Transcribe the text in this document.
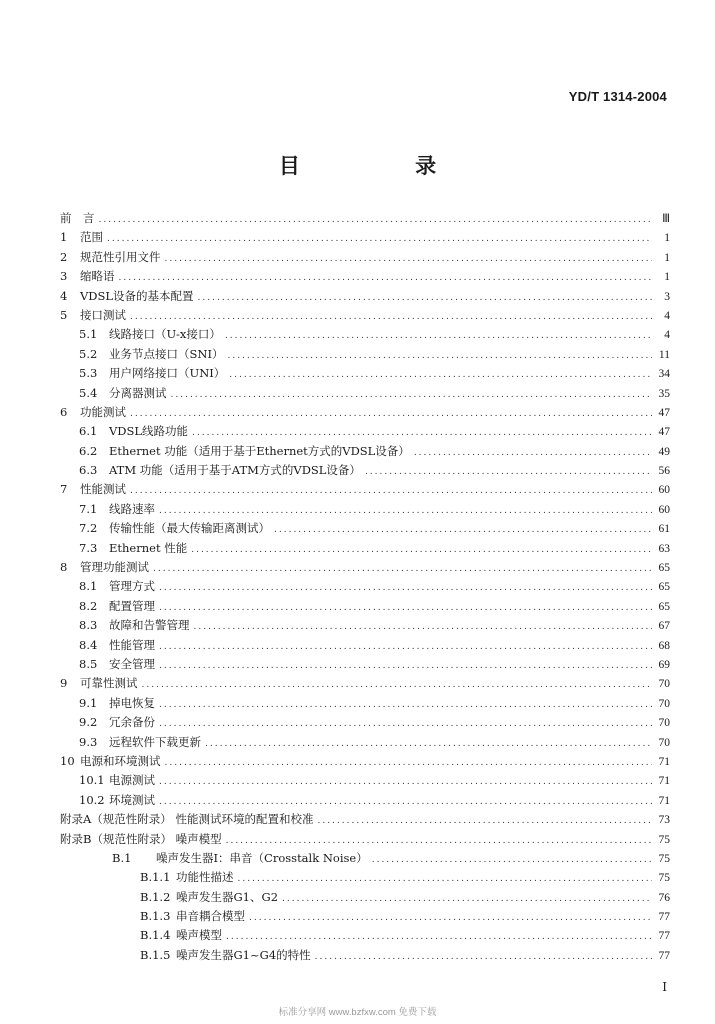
YD/T 1314-2004
目 录
前　言 .....	Ⅲ
1	范围 .....	1
2	规范性引用文件 .....	1
3	缩略语 .....	1
4	VDSL设备的基本配置 .....	3
5	接口测试 .....	4
5.1	线路接口（U-x接口） .....	4
5.2	业务节点接口（SNI） .....	11
5.3	用户网络接口（UNI） .....	34
5.4	分离器测试 .....	35
6	功能测试 .....	47
6.1	VDSL线路功能 .....	47
6.2	Ethernet 功能（适用于基于Ethernet方式的VDSL设备） .....	49
6.3	ATM 功能（适用于基于ATM方式的VDSL设备） .....	56
7	性能测试 .....	60
7.1	线路速率 .....	60
7.2	传输性能（最大传输距离测试） .....	61
7.3	Ethernet 性能 .....	63
8	管理功能测试 .....	65
8.1	管理方式 .....	65
8.2	配置管理 .....	65
8.3	故障和告警管理 .....	67
8.4	性能管理 .....	68
8.5	安全管理 .....	69
9	可靠性测试 .....	70
9.1	掉电恢复 .....	70
9.2	冗余备份 .....	70
9.3	远程软件下载更新 .....	70
10 电源和环境测试 .....	71
10.1 电源测试 .....	71
10.2 环境测试 .....	71
附录A（规范性附录） 性能测试环境的配置和校准 .....	73
附录B（规范性附录） 噪声模型 .....	75
B.1	噪声发生器Ⅰ：串音（Crosstalk Noise） .....	75
B.1.1 功能性描述 .....	75
B.1.2 噪声发生器G1、G2 .....	76
B.1.3 串音耦合模型 .....	77
B.1.4 噪声模型 .....	77
B.1.5 噪声发生器G1~G4的特性 .....	77
Ⅰ
标准分享网 www.bzfxw.com 免费下载
